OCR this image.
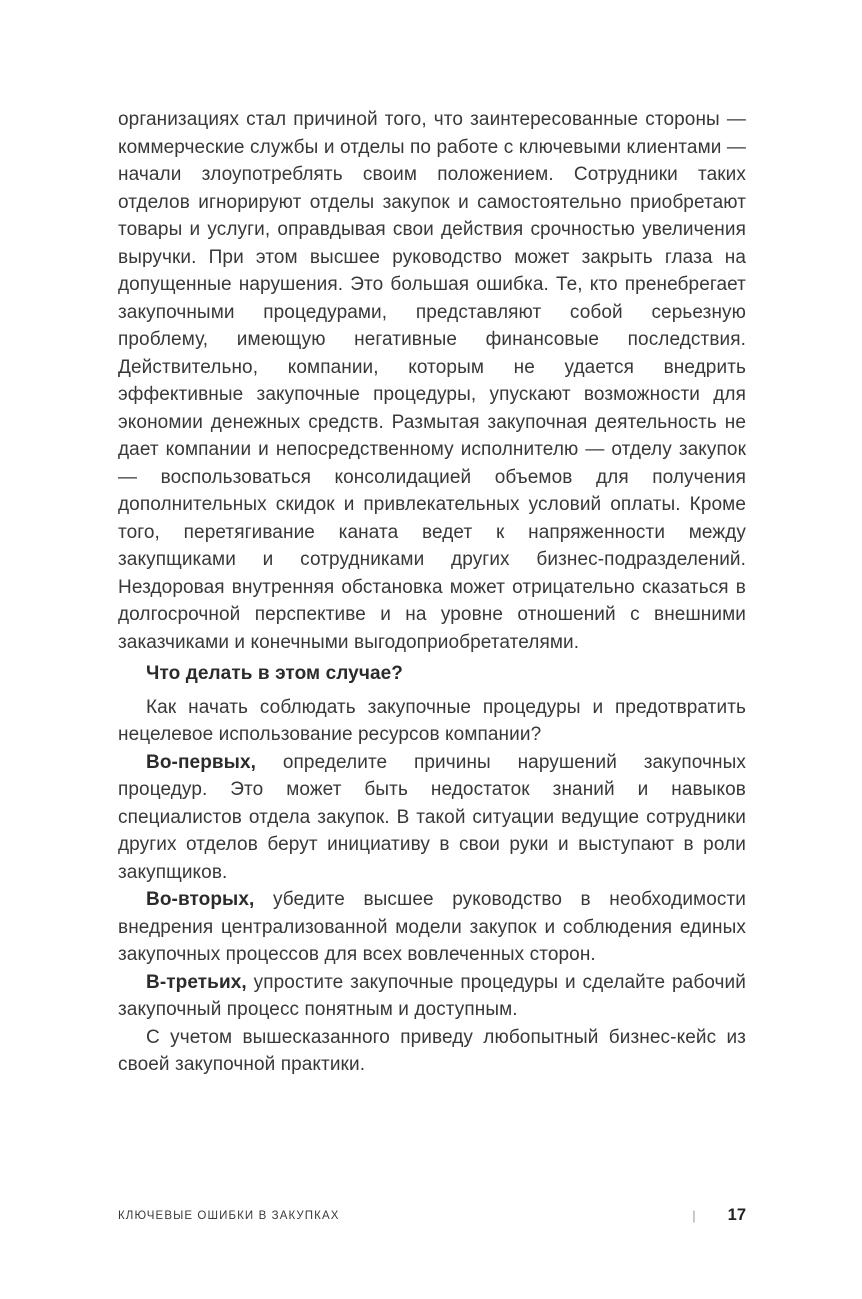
организациях стал причиной того, что заинтересованные стороны — коммерческие службы и отделы по работе с ключевыми клиентами — начали злоупотреблять своим положением. Сотрудники таких отделов игнорируют отделы закупок и самостоятельно приобретают товары и услуги, оправдывая свои действия срочностью увеличения выручки. При этом высшее руководство может закрыть глаза на допущенные нарушения. Это большая ошибка. Те, кто пренебрегает закупочными процедурами, представляют собой серьезную проблему, имеющую негативные финансовые последствия. Действительно, компании, которым не удается внедрить эффективные закупочные процедуры, упускают возможности для экономии денежных средств. Размытая закупочная деятельность не дает компании и непосредственному исполнителю — отделу закупок — воспользоваться консолидацией объемов для получения дополнительных скидок и привлекательных условий оплаты. Кроме того, перетягивание каната ведет к напряженности между закупщиками и сотрудниками других бизнес-подразделений. Нездоровая внутренняя обстановка может отрицательно сказаться в долгосрочной перспективе и на уровне отношений с внешними заказчиками и конечными выгодоприобретателями.

Что делать в этом случае?

Как начать соблюдать закупочные процедуры и предотвратить нецелевое использование ресурсов компании?

Во-первых, определите причины нарушений закупочных процедур. Это может быть недостаток знаний и навыков специалистов отдела закупок. В такой ситуации ведущие сотрудники других отделов берут инициативу в свои руки и выступают в роли закупщиков.

Во-вторых, убедите высшее руководство в необходимости внедрения централизованной модели закупок и соблюдения единых закупочных процессов для всех вовлеченных сторон.

В-третьих, упростите закупочные процедуры и сделайте рабочий закупочный процесс понятным и доступным.

С учетом вышесказанного приведу любопытный бизнес-кейс из своей закупочной практики.

КЛЮЧЕВЫЕ ОШИБКИ В ЗАКУПКАХ	| 17
